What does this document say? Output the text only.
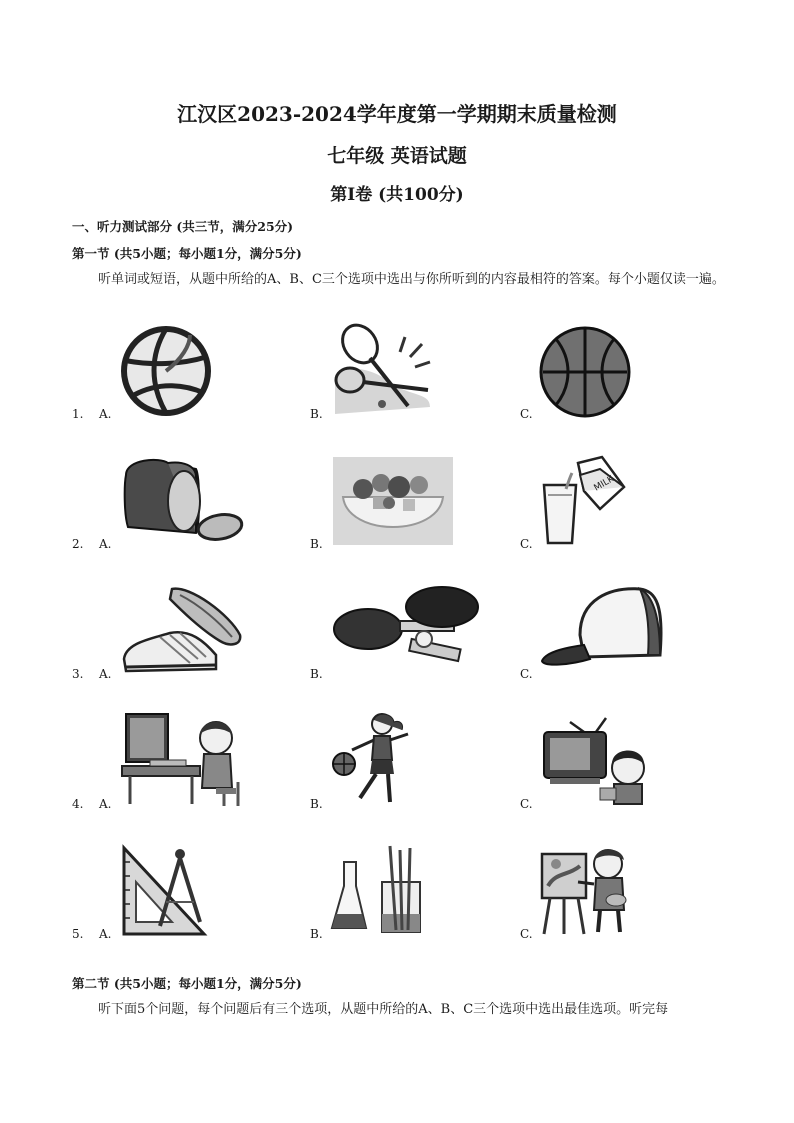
江汉区2023-2024学年度第一学期期末质量检测
七年级 英语试题
第I卷 (共100分)
一、听力测试部分 (共三节，满分25分)
第一节 (共5小题；每小题1分，满分5分)
听单词或短语，从题中所给的A、B、C三个选项中选出与你所听到的内容最相符的答案。每个小题仅读一遍。
1. A.	B.	C.
2. A.	B.	C.
MILK
3. A.	B.	C.
4. A.	B.	C.
5. A.	B.	C.
第二节 (共5小题；每小题1分，满分5分)
听下面5个问题，每个问题后有三个选项，从题中所给的A、B、C三个选项中选出最佳选项。听完每
